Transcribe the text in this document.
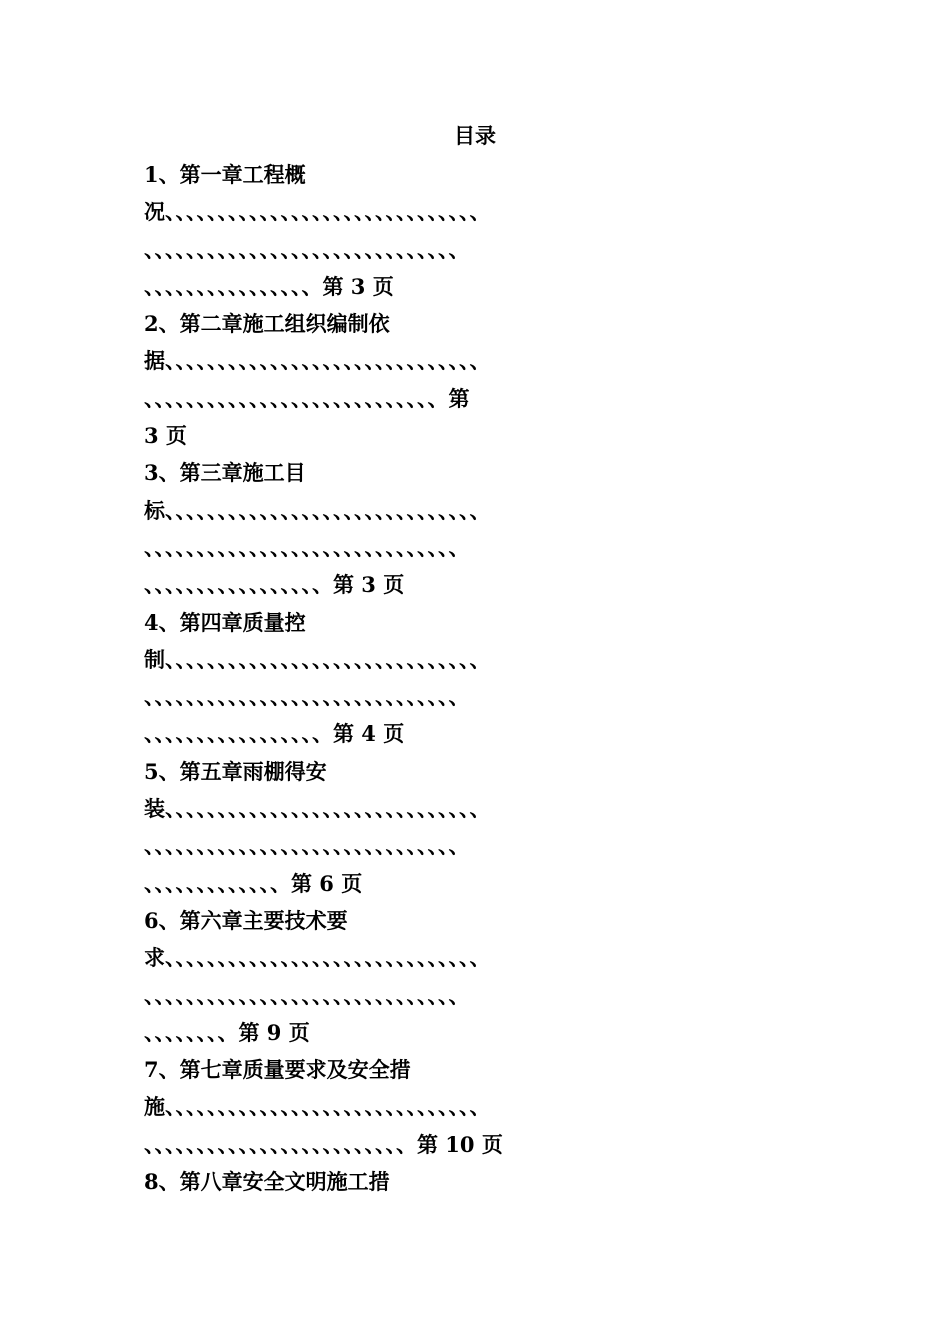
目录
1、第一章工程概
况、、、、、、、、、、、、、、、、、、、、、、、、、、、、、、
、、、、、、、、、、、、、、、、、、、、、、、、、、、、、、
、、、、、、、、、、、、、、、、第 3 页
2、第二章施工组织编制依
据、、、、、、、、、、、、、、、、、、、、、、、、、、、、、、
、、、、、、、、、、、、、、、、、、、、、、、、、、、、第
3 页
3、第三章施工目
标、、、、、、、、、、、、、、、、、、、、、、、、、、、、、、
、、、、、、、、、、、、、、、、、、、、、、、、、、、、、、
、、、、、、、、、、、、、、、、、第 3 页
4、第四章质量控
制、、、、、、、、、、、、、、、、、、、、、、、、、、、、、、
、、、、、、、、、、、、、、、、、、、、、、、、、、、、、、
、、、、、、、、、、、、、、、、、第 4 页
5、第五章雨棚得安
装、、、、、、、、、、、、、、、、、、、、、、、、、、、、、、
、、、、、、、、、、、、、、、、、、、、、、、、、、、、、、
、、、、、、、、、、、、、第 6 页
6、第六章主要技术要
求、、、、、、、、、、、、、、、、、、、、、、、、、、、、、、
、、、、、、、、、、、、、、、、、、、、、、、、、、、、、、
、、、、、、、、第 9 页
7、第七章质量要求及安全措
施、、、、、、、、、、、、、、、、、、、、、、、、、、、、、、
、、、、、、、、、、、、、、、、、、、、、、、、、第 10 页
8、第八章安全文明施工措
